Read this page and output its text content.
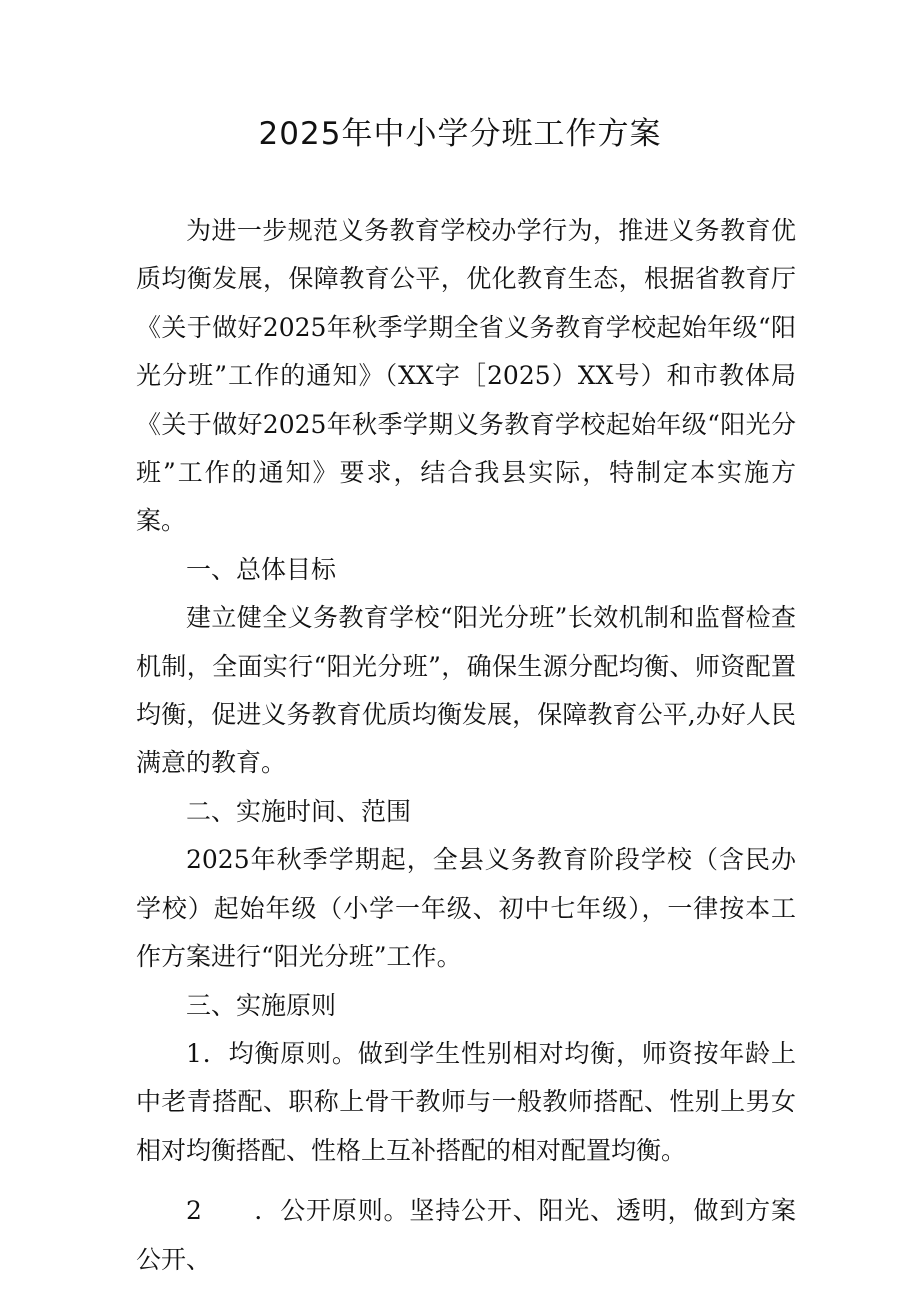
2025年中小学分班工作方案

为进一步规范义务教育学校办学行为，推进义务教育优质均衡发展，保障教育公平，优化教育生态，根据省教育厅《关于做好2025年秋季学期全省义务教育学校起始年级“阳光分班”工作的通知》（XX字［2025）XX号）和市教体局《关于做好2025年秋季学期义务教育学校起始年级“阳光分班”工作的通知》要求，结合我县实际，特制定本实施方案。

一、总体目标

建立健全义务教育学校“阳光分班”长效机制和监督检查机制，全面实行“阳光分班”，确保生源分配均衡、师资配置均衡，促进义务教育优质均衡发展，保障教育公平,办好人民满意的教育。

二、实施时间、范围

2025年秋季学期起，全县义务教育阶段学校（含民办学校）起始年级（小学一年级、初中七年级），一律按本工作方案进行“阳光分班”工作。

三、实施原则

1．均衡原则。做到学生性别相对均衡，师资按年龄上中老青搭配、职称上骨干教师与一般教师搭配、性别上男女相对均衡搭配、性格上互补搭配的相对配置均衡。

2　　．公开原则。坚持公开、阳光、透明，做到方案公开、
